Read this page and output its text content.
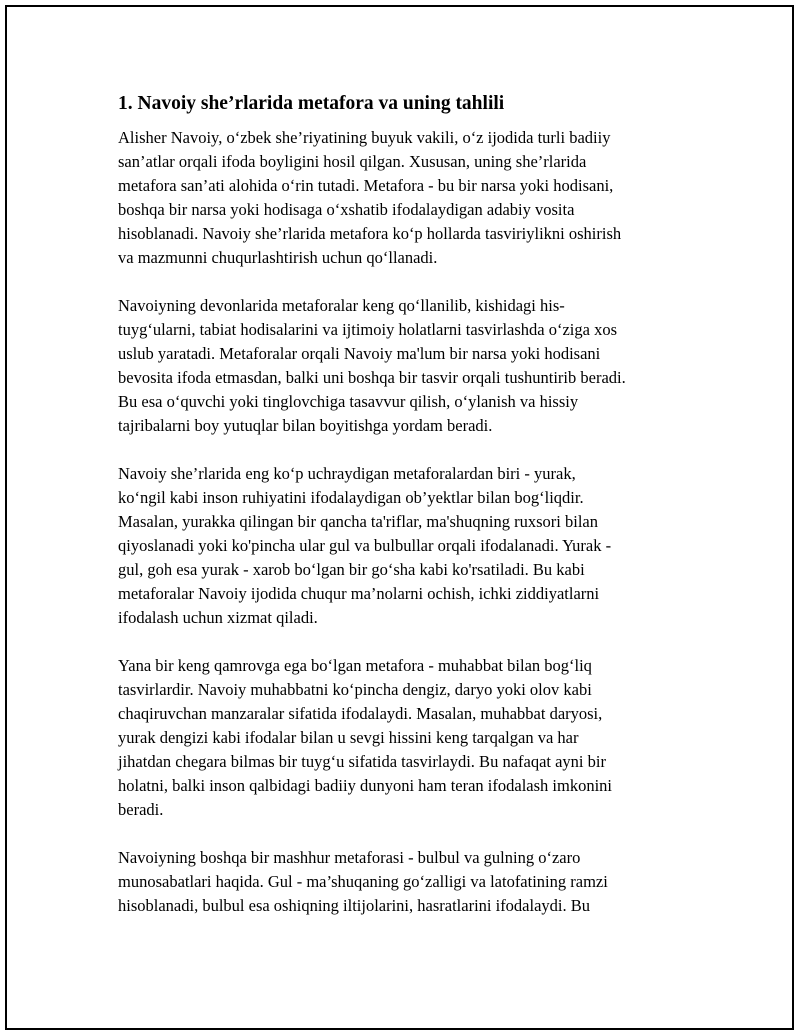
1. Navoiy she’rlarida metafora va uning tahlili

Alisher Navoiy, o‘zbek she’riyatining buyuk vakili, o‘z ijodida turli badiiy
san’atlar orqali ifoda boyligini hosil qilgan. Xususan, uning she’rlarida
metafora san’ati alohida o‘rin tutadi. Metafora - bu bir narsa yoki hodisani,
boshqa bir narsa yoki hodisaga o‘xshatib ifodalaydigan adabiy vosita
hisoblanadi. Navoiy she’rlarida metafora ko‘p hollarda tasviriylikni oshirish
va mazmunni chuqurlashtirish uchun qo‘llanadi.

Navoiyning devonlarida metaforalar keng qo‘llanilib, kishidagi his-
tuyg‘ularni, tabiat hodisalarini va ijtimoiy holatlarni tasvirlashda o‘ziga xos
uslub yaratadi. Metaforalar orqali Navoiy ma'lum bir narsa yoki hodisani
bevosita ifoda etmasdan, balki uni boshqa bir tasvir orqali tushuntirib beradi.
Bu esa o‘quvchi yoki tinglovchiga tasavvur qilish, o‘ylanish va hissiy
tajribalarni boy yutuqlar bilan boyitishga yordam beradi.

Navoiy she’rlarida eng ko‘p uchraydigan metaforalardan biri - yurak,
ko‘ngil kabi inson ruhiyatini ifodalaydigan ob’yektlar bilan bog‘liqdir.
Masalan, yurakka qilingan bir qancha ta'riflar, ma'shuqning ruxsori bilan
qiyoslanadi yoki ko'pincha ular gul va bulbullar orqali ifodalanadi. Yurak -
gul, goh esa yurak - xarob bo‘lgan bir go‘sha kabi ko'rsatiladi. Bu kabi
metaforalar Navoiy ijodida chuqur ma’nolarni ochish, ichki ziddiyatlarni
ifodalash uchun xizmat qiladi.

Yana bir keng qamrovga ega bo‘lgan metafora - muhabbat bilan bog‘liq
tasvirlardir. Navoiy muhabbatni ko‘pincha dengiz, daryo yoki olov kabi
chaqiruvchan manzaralar sifatida ifodalaydi. Masalan, muhabbat daryosi,
yurak dengizi kabi ifodalar bilan u sevgi hissini keng tarqalgan va har
jihatdan chegara bilmas bir tuyg‘u sifatida tasvirlaydi. Bu nafaqat ayni bir
holatni, balki inson qalbidagi badiiy dunyoni ham teran ifodalash imkonini
beradi.

Navoiyning boshqa bir mashhur metaforasi - bulbul va gulning o‘zaro
munosabatlari haqida. Gul - ma’shuqaning go‘zalligi va latofatining ramzi
hisoblanadi, bulbul esa oshiqning iltijolarini, hasratlarini ifodalaydi. Bu
